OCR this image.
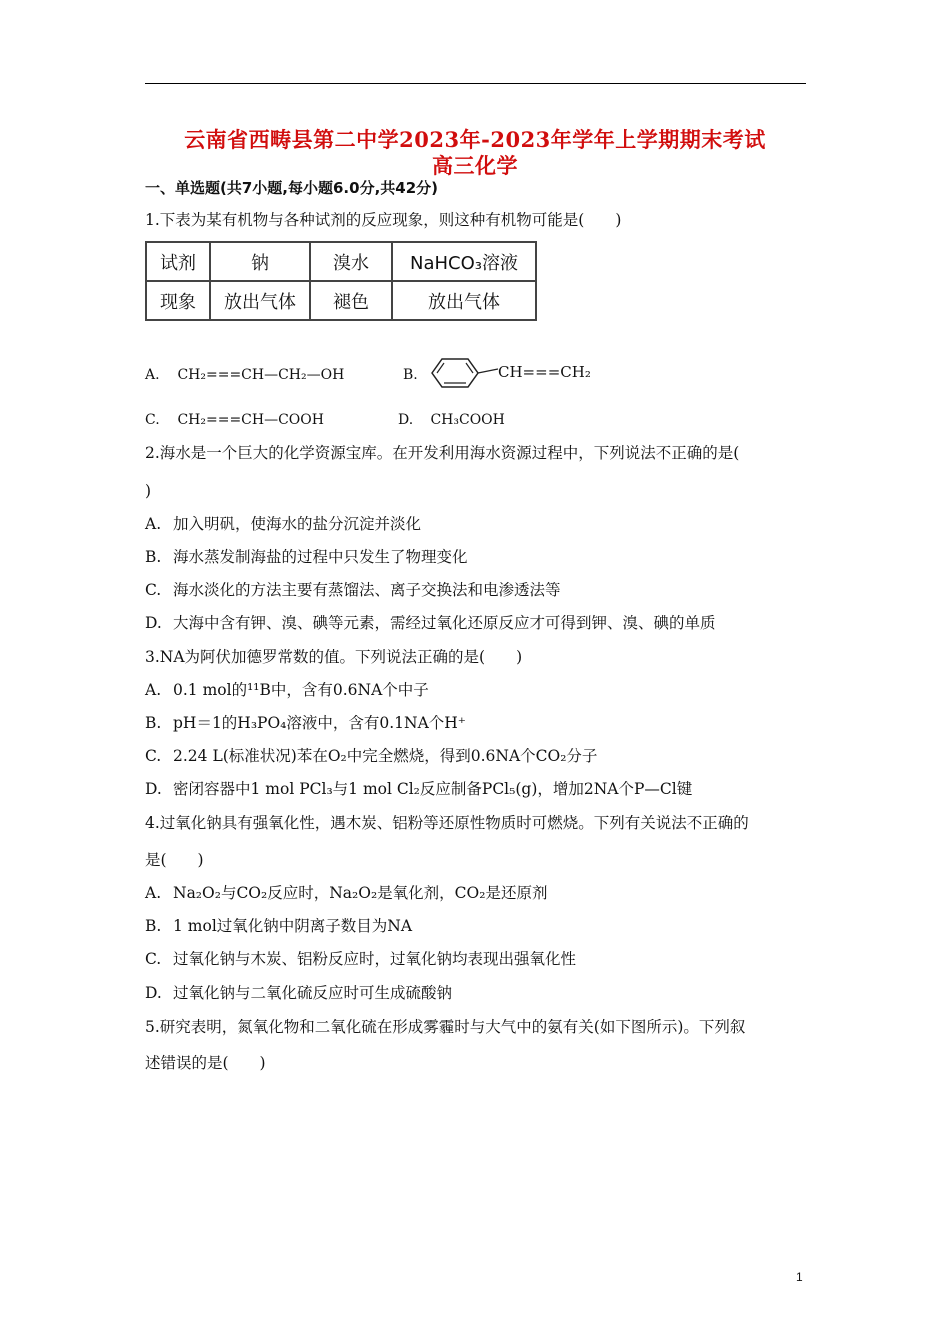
云南省西畴县第二中学2023年-2023年学年上学期期末考试
高三化学
一、单选题(共7小题,每小题6.0分,共42分)
1.下表为某有机物与各种试剂的反应现象，则这种有机物可能是(　　)
试剂	钠	溴水	NaHCO₃溶液
现象	放出气体	褪色	放出气体
A. CH₂===CH—CH₂—OH	B.	CH===CH₂
C. CH₂===CH—COOH	D. CH₃COOH
2.海水是一个巨大的化学资源宝库。在开发利用海水资源过程中，下列说法不正确的是(
)
A. 加入明矾，使海水的盐分沉淀并淡化
B. 海水蒸发制海盐的过程中只发生了物理变化
C. 海水淡化的方法主要有蒸馏法、离子交换法和电渗透法等
D. 大海中含有钾、溴、碘等元素，需经过氧化还原反应才可得到钾、溴、碘的单质
3.NA为阿伏加德罗常数的值。下列说法正确的是(　　)
A. 0.1 mol的¹¹B中，含有0.6NA个中子
B. pH＝1的H₃PO₄溶液中，含有0.1NA个H⁺
C. 2.24 L(标准状况)苯在O₂中完全燃烧，得到0.6NA个CO₂分子
D. 密闭容器中1 mol PCl₃与1 mol Cl₂反应制备PCl₅(g)，增加2NA个P—Cl键
4.过氧化钠具有强氧化性，遇木炭、铝粉等还原性物质时可燃烧。下列有关说法不正确的
是(　　)
A. Na₂O₂与CO₂反应时，Na₂O₂是氧化剂，CO₂是还原剂
B. 1 mol过氧化钠中阴离子数目为NA
C. 过氧化钠与木炭、铝粉反应时，过氧化钠均表现出强氧化性
D. 过氧化钠与二氧化硫反应时可生成硫酸钠
5.研究表明，氮氧化物和二氧化硫在形成雾霾时与大气中的氨有关(如下图所示)。下列叙
述错误的是(　　)
1
